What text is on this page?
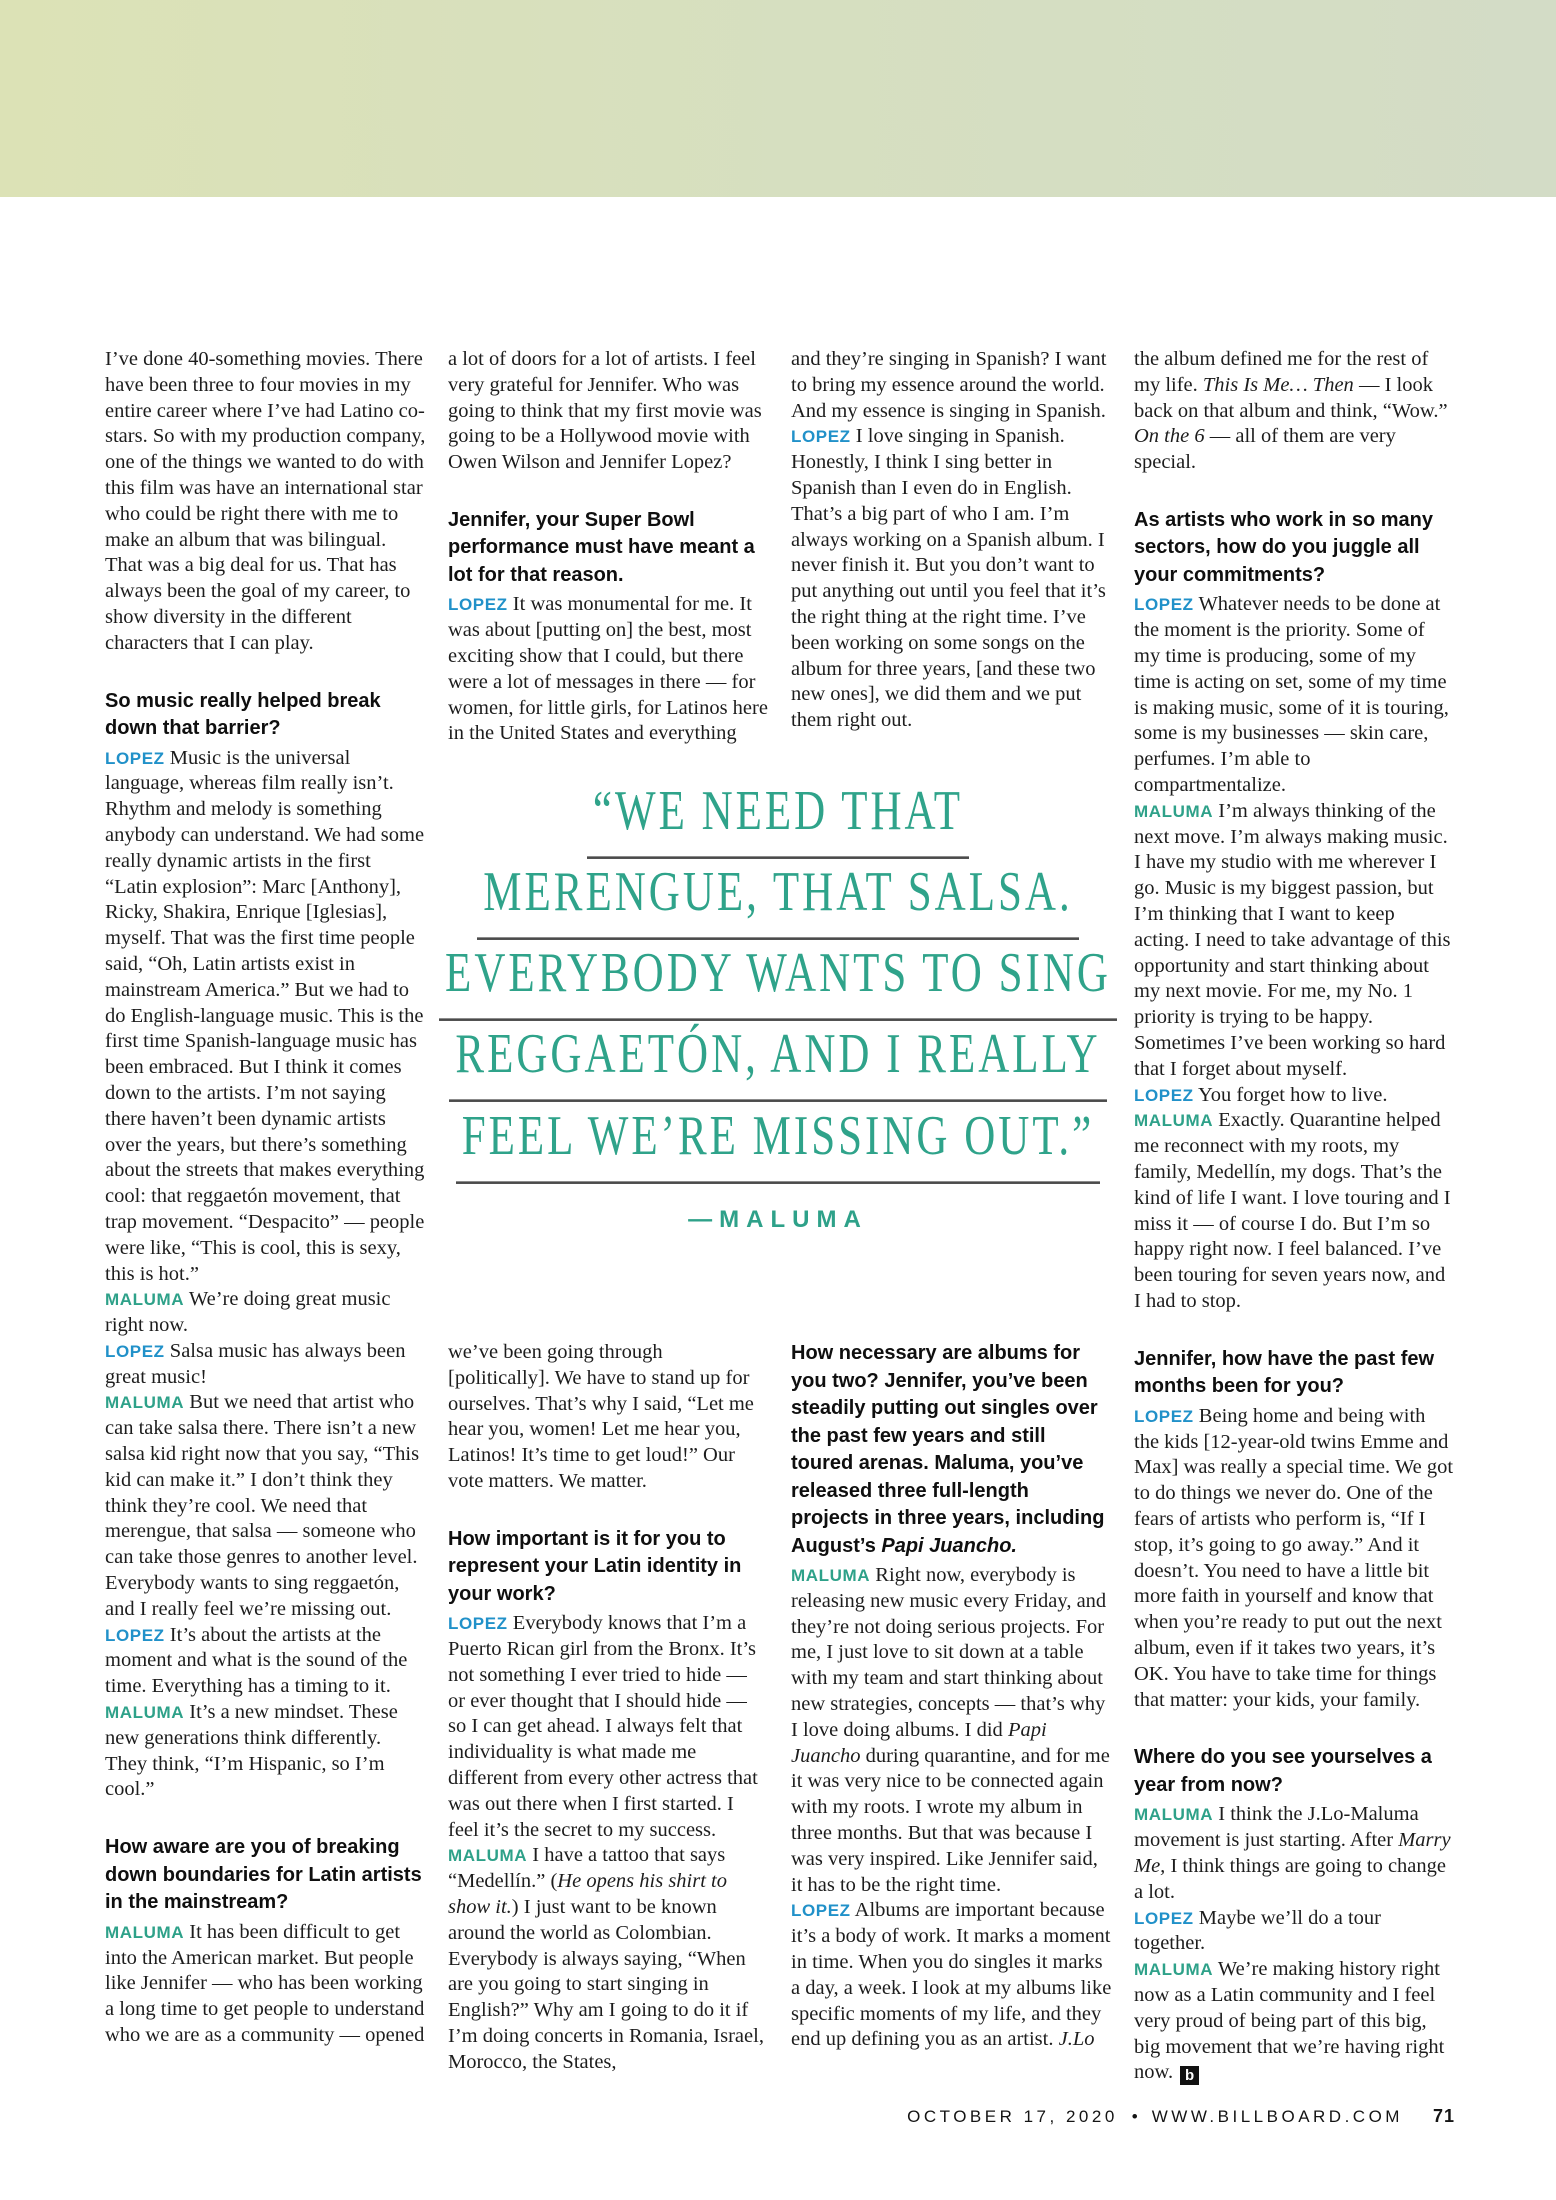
I’ve done 40-something movies. There have been three to four movies in my entire career where I’ve had Latino co-stars. So with my production company, one of the things we wanted to do with this film was have an international star who could be right there with me to make an album that was bilingual. That was a big deal for us. That has always been the goal of my career, to show diversity in the different characters that I can play.

So music really helped break down that barrier?

LOPEZ Music is the universal language, whereas film really isn’t. Rhythm and melody is something anybody can understand. We had some really dynamic artists in the first “Latin explosion”: Marc [Anthony], Ricky, Shakira, Enrique [Iglesias], myself. That was the first time people said, “Oh, Latin artists exist in mainstream America.” But we had to do English-language music. This is the first time Spanish-language music has been embraced. But I think it comes down to the artists. I’m not saying there haven’t been dynamic artists over the years, but there’s something about the streets that makes everything cool: that reggaetón movement, that trap movement. “Despacito” — people were like, “This is cool, this is sexy, this is hot.”

MALUMA We’re doing great music right now.

LOPEZ Salsa music has always been great music!

MALUMA But we need that artist who can take salsa there. There isn’t a new salsa kid right now that you say, “This kid can make it.” I don’t think they think they’re cool. We need that merengue, that salsa — someone who can take those genres to another level. Everybody wants to sing reggaetón, and I really feel we’re missing out.

LOPEZ It’s about the artists at the moment and what is the sound of the time. Everything has a timing to it.

MALUMA It’s a new mindset. These new generations think differently. They think, “I’m Hispanic, so I’m cool.”

How aware are you of breaking down boundaries for Latin artists in the mainstream?

MALUMA It has been difficult to get into the American market. But people like Jennifer — who has been working a long time to get people to understand who we are as a community — opened

a lot of doors for a lot of artists. I feel very grateful for Jennifer. Who was going to think that my first movie was going to be a Hollywood movie with Owen Wilson and Jennifer Lopez?

Jennifer, your Super Bowl performance must have meant a lot for that reason.

LOPEZ It was monumental for me. It was about [putting on] the best, most exciting show that I could, but there were a lot of messages in there — for women, for little girls, for Latinos here in the United States and everything

we’ve been going through [politically]. We have to stand up for ourselves. That’s why I said, “Let me hear you, women! Let me hear you, Latinos! It’s time to get loud!” Our vote matters. We matter.

How important is it for you to represent your Latin identity in your work?

LOPEZ Everybody knows that I’m a Puerto Rican girl from the Bronx. It’s not something I ever tried to hide — or ever thought that I should hide — so I can get ahead. I always felt that individuality is what made me different from every other actress that was out there when I first started. I feel it’s the secret to my success.

MALUMA I have a tattoo that says “Medellín.” (He opens his shirt to show it.) I just want to be known around the world as Colombian. Everybody is always saying, “When are you going to start singing in English?” Why am I going to do it if I’m doing concerts in Romania, Israel, Morocco, the States,

and they’re singing in Spanish? I want to bring my essence around the world. And my essence is singing in Spanish.

LOPEZ I love singing in Spanish. Honestly, I think I sing better in Spanish than I even do in English. That’s a big part of who I am. I’m always working on a Spanish album. I never finish it. But you don’t want to put anything out until you feel that it’s the right thing at the right time. I’ve been working on some songs on the album for three years, [and these two new ones], we did them and we put them right out.

How necessary are albums for you two? Jennifer, you’ve been steadily putting out singles over the past few years and still toured arenas. Maluma, you’ve released three full-length projects in three years, including August’s Papi Juancho.

MALUMA Right now, everybody is releasing new music every Friday, and they’re not doing serious projects. For me, I just love to sit down at a table with my team and start thinking about new strategies, concepts — that’s why I love doing albums. I did Papi Juancho during quarantine, and for me it was very nice to be connected again with my roots. I wrote my album in three months. But that was because I was very inspired. Like Jennifer said, it has to be the right time.

LOPEZ Albums are important because it’s a body of work. It marks a moment in time. When you do singles it marks a day, a week. I look at my albums like specific moments of my life, and they end up defining you as an artist. J.Lo

the album defined me for the rest of my life. This Is Me… Then — I look back on that album and think, “Wow.” On the 6 — all of them are very special.

As artists who work in so many sectors, how do you juggle all your commitments?

LOPEZ Whatever needs to be done at the moment is the priority. Some of my time is producing, some of my time is acting on set, some of my time is making music, some of it is touring, some is my businesses — skin care, perfumes. I’m able to compartmentalize.

MALUMA I’m always thinking of the next move. I’m always making music. I have my studio with me wherever I go. Music is my biggest passion, but I’m thinking that I want to keep acting. I need to take advantage of this opportunity and start thinking about my next movie. For me, my No. 1 priority is trying to be happy. Sometimes I’ve been working so hard that I forget about myself.

LOPEZ You forget how to live.

MALUMA Exactly. Quarantine helped me reconnect with my roots, my family, Medellín, my dogs. That’s the kind of life I want. I love touring and I miss it — of course I do. But I’m so happy right now. I feel balanced. I’ve been touring for seven years now, and I had to stop.

Jennifer, how have the past few months been for you?

LOPEZ Being home and being with the kids [12-year-old twins Emme and Max] was really a special time. We got to do things we never do. One of the fears of artists who perform is, “If I stop, it’s going to go away.” And it doesn’t. You need to have a little bit more faith in yourself and know that when you’re ready to put out the next album, even if it takes two years, it’s OK. You have to take time for things that matter: your kids, your family.

Where do you see yourselves a year from now?

MALUMA I think the J.Lo-Maluma movement is just starting. After Marry Me, I think things are going to change a lot.

LOPEZ Maybe we’ll do a tour together.

MALUMA We’re making history right now as a Latin community and I feel very proud of being part of this big, big movement that we’re having right now. b

“WE NEED THAT
MERENGUE, THAT SALSA.
EVERYBODY WANTS TO SING
REGGAETÓN, AND I REALLY
FEEL WE’RE MISSING OUT.”
—MALUMA
OCTOBER 17, 2020 • WWW.BILLBOARD.COM 71
